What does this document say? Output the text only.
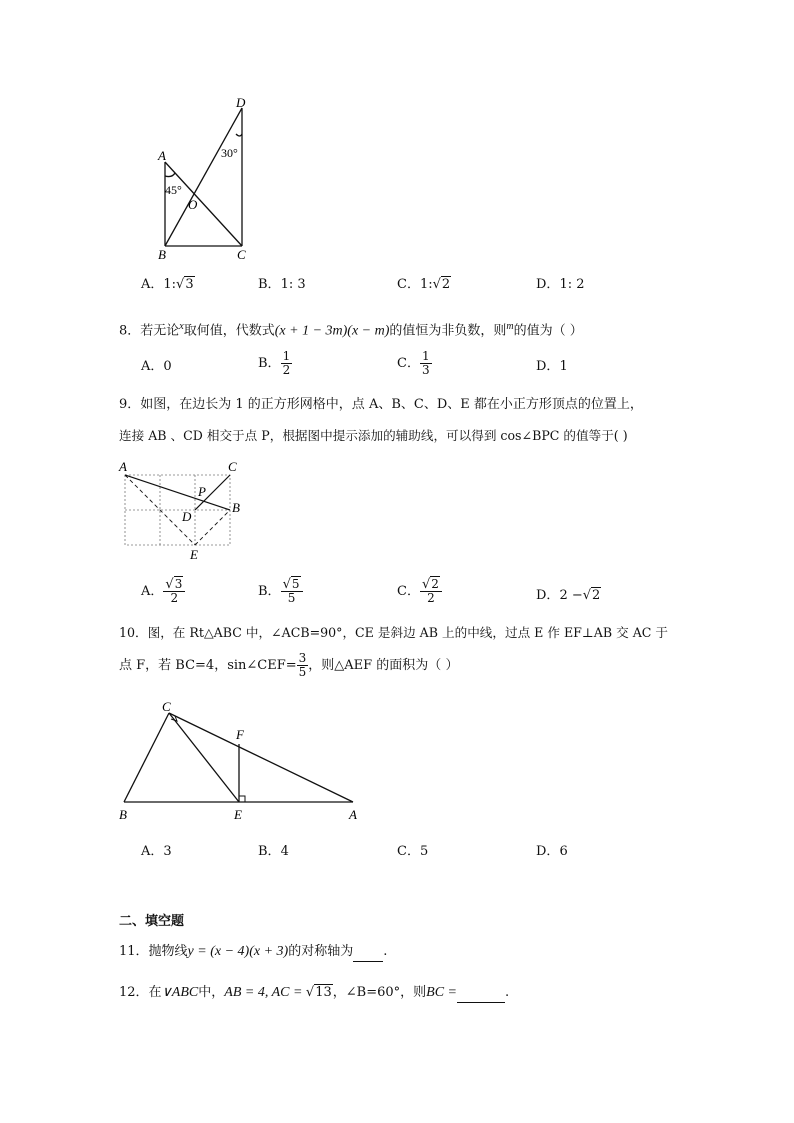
D
A
O
B	C
45°
30°
A．1:√3	B．1: 3	C．1:√2	D．1: 2
8．若无论$^x$取何值，代数式(x + 1 − 3m)(x − m)的值恒为非负数，则$^m$的值为（ ）
A．0	B． $\frac{1}{2}$	C． $\frac{1}{3}$	D．1
9．如图，在边长为 1 的正方形网格中，点 A、B、C、D、E 都在小正方形顶点的位置上，
连接 AB 、CD 相交于点 P，根据图中提示添加的辅助线，可以得到 cos∠BPC 的值等于( )
A	C
P
D
B
E
A． $\frac{√3}{2}$	B． $\frac{√5}{5}$	C． $\frac{√2}{2}$	D．2 −√2
10．图，在 Rt△ABC 中，∠ACB=90°，CE 是斜边 AB 上的中线，过点 E 作 EF⊥AB 交 AC 于
点 F，若 BC=4，sin∠CEF= $\frac{3}{5}$ ，则△AEF 的面积为（ ）
C
F
B	E	A
A．3	B．4	C．5	D．6
二、填空题
11．抛物线y = (x − 4)(x + 3)的对称轴为 .
12．在∨ABC中，AB = 4, AC = √13，∠B=60°，则BC =	.
